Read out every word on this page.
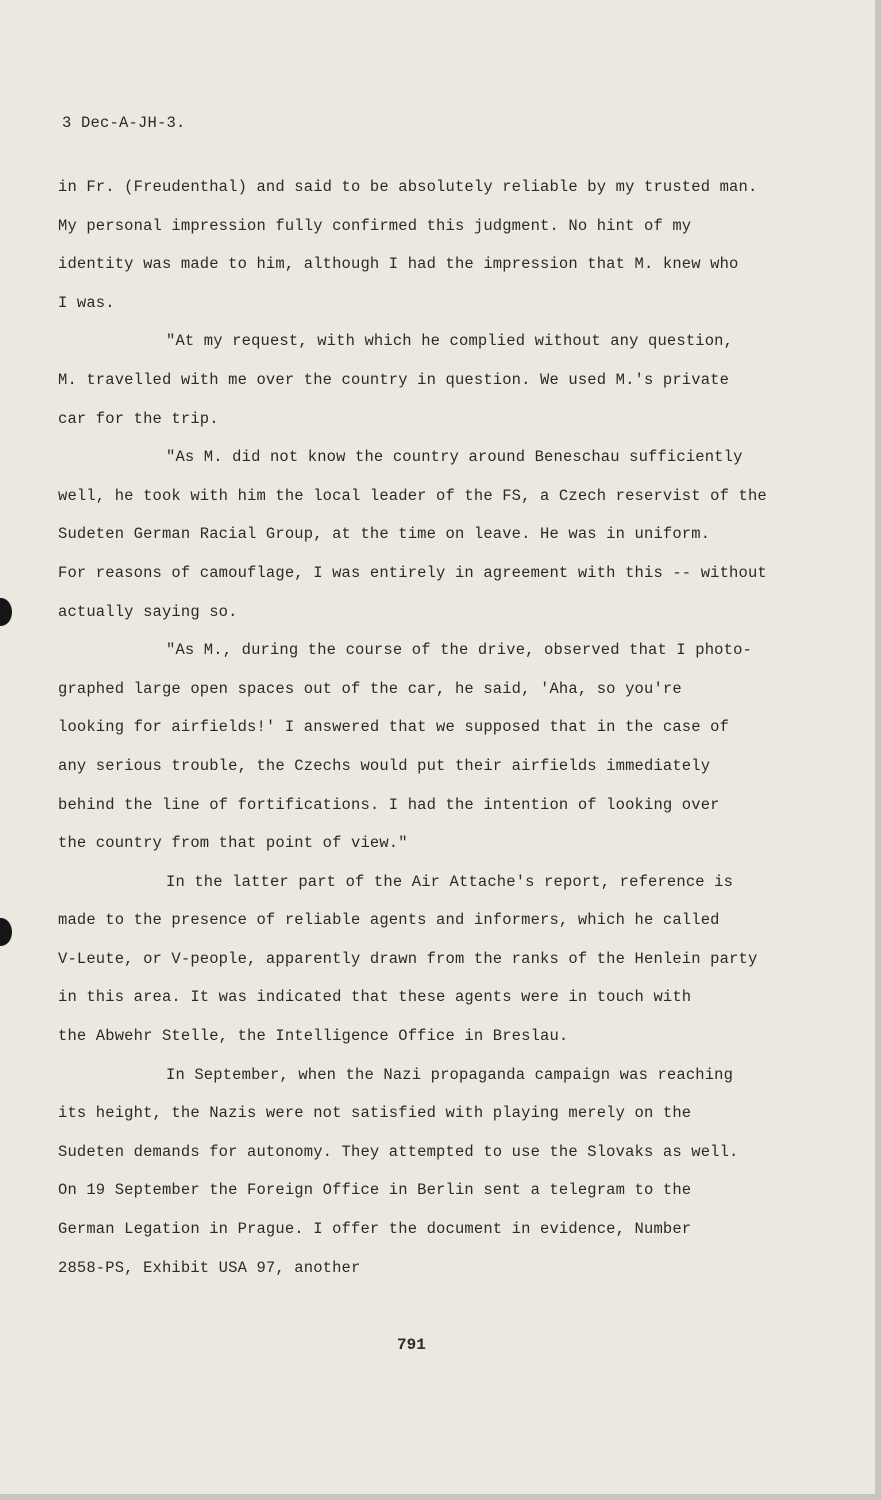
3 Dec-A-JH-3.
in Fr. (Freudenthal) and said to be absolutely reliable by my trusted man.
My personal impression fully confirmed this judgment. No hint of my
identity was made to him, although I had the impression that M. knew who
I was.
"At my request, with which he complied without any question,
M. travelled with me over the country in question. We used M.'s private
car for the trip.
"As M. did not know the country around Beneschau sufficiently
well, he took with him the local leader of the FS, a Czech reservist of the
Sudeten German Racial Group, at the time on leave. He was in uniform.
For reasons of camouflage, I was entirely in agreement with this -- without
actually saying so.
"As M., during the course of the drive, observed that I photo-
graphed large open spaces out of the car, he said, 'Aha, so you're
looking for airfields!' I answered that we supposed that in the case of
any serious trouble, the Czechs would put their airfields immediately
behind the line of fortifications. I had the intention of looking over
the country from that point of view."
In the latter part of the Air Attache's report, reference is
made to the presence of reliable agents and informers, which he called
V-Leute, or V-people, apparently drawn from the ranks of the Henlein party
in this area. It was indicated that these agents were in touch with
the Abwehr Stelle, the Intelligence Office in Breslau.
In September, when the Nazi propaganda campaign was reaching
its height, the Nazis were not satisfied with playing merely on the
Sudeten demands for autonomy. They attempted to use the Slovaks as well.
On 19 September the Foreign Office in Berlin sent a telegram to the
German Legation in Prague. I offer the document in evidence, Number
2858-PS, Exhibit USA 97, another
791
